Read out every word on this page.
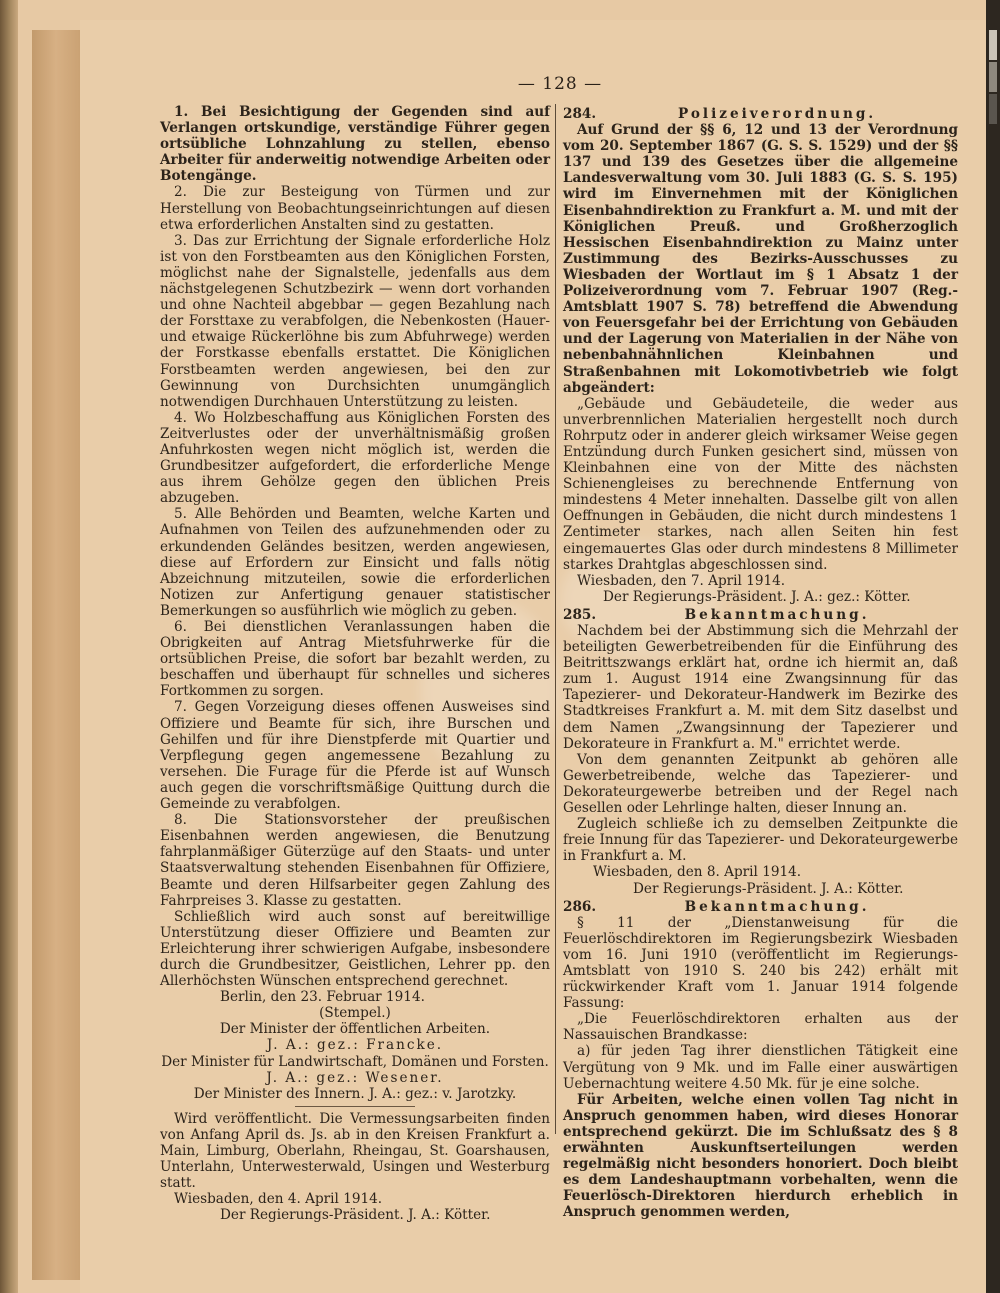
— 128 —

1. Bei Besichtigung der Gegenden sind auf Verlangen ortskundige, verständige Führer gegen ortsübliche Lohnzahlung zu stellen, ebenso Arbeiter für anderweitig notwendige Arbeiten oder Botengänge.

2. Die zur Besteigung von Türmen und zur Herstellung von Beobachtungseinrichtungen auf diesen etwa erforderlichen Anstalten sind zu gestatten.

3. Das zur Errichtung der Signale erforderliche Holz ist von den Forstbeamten aus den Königlichen Forsten, möglichst nahe der Signalstelle, jedenfalls aus dem nächstgelegenen Schutzbezirk — wenn dort vorhanden und ohne Nachteil abgebbar — gegen Bezahlung nach der Forsttaxe zu verabfolgen, die Nebenkosten (Hauer- und etwaige Rückerlöhne bis zum Abfuhrwege) werden der Forstkasse ebenfalls erstattet. Die Königlichen Forstbeamten werden angewiesen, bei den zur Gewinnung von Durchsichten unumgänglich notwendigen Durchhauen Unterstützung zu leisten.

4. Wo Holzbeschaffung aus Königlichen Forsten des Zeitverlustes oder der unverhältnismäßig großen Anfuhrkosten wegen nicht möglich ist, werden die Grundbesitzer aufgefordert, die erforderliche Menge aus ihrem Gehölze gegen den üblichen Preis abzugeben.

5. Alle Behörden und Beamten, welche Karten und Aufnahmen von Teilen des aufzunehmenden oder zu erkundenden Geländes besitzen, werden angewiesen, diese auf Erfordern zur Einsicht und falls nötig Abzeichnung mitzuteilen, sowie die erforderlichen Notizen zur Anfertigung genauer statistischer Bemerkungen so ausführlich wie möglich zu geben.

6. Bei dienstlichen Veranlassungen haben die Obrigkeiten auf Antrag Mietsfuhrwerke für die ortsüblichen Preise, die sofort bar bezahlt werden, zu beschaffen und überhaupt für schnelles und sicheres Fortkommen zu sorgen.

7. Gegen Vorzeigung dieses offenen Ausweises sind Offiziere und Beamte für sich, ihre Burschen und Gehilfen und für ihre Dienstpferde mit Quartier und Verpflegung gegen angemessene Bezahlung zu versehen. Die Furage für die Pferde ist auf Wunsch auch gegen die vorschriftsmäßige Quittung durch die Gemeinde zu verabfolgen.

8. Die Stationsvorsteher der preußischen Eisenbahnen werden angewiesen, die Benutzung fahrplanmäßiger Güterzüge auf den Staats- und unter Staatsverwaltung stehenden Eisenbahnen für Offiziere, Beamte und deren Hilfsarbeiter gegen Zahlung des Fahrpreises 3. Klasse zu gestatten.

Schließlich wird auch sonst auf bereitwillige Unterstützung dieser Offiziere und Beamten zur Erleichterung ihrer schwierigen Aufgabe, insbesondere durch die Grundbesitzer, Geistlichen, Lehrer pp. den Allerhöchsten Wünschen entsprechend gerechnet.

Berlin, den 23. Februar 1914.

(Stempel.)

Der Minister der öffentlichen Arbeiten.

J. A.: gez.: Francke.

Der Minister für Landwirtschaft, Domänen und Forsten.

J. A.: gez.: Wesener.

Der Minister des Innern. J. A.: gez.: v. Jarotzky.

Wird veröffentlicht. Die Vermessungsarbeiten finden von Anfang April ds. Js. ab in den Kreisen Frankfurt a. Main, Limburg, Oberlahn, Rheingau, St. Goarshausen, Unterlahn, Unterwesterwald, Usingen und Westerburg statt.

Wiesbaden, den 4. April 1914.

Der Regierungs-Präsident. J. A.: Kötter.

284.	Polizeiverordnung.

Auf Grund der §§ 6, 12 und 13 der Verordnung vom 20. September 1867 (G. S. S. 1529) und der §§ 137 und 139 des Gesetzes über die allgemeine Landesverwaltung vom 30. Juli 1883 (G. S. S. 195) wird im Einvernehmen mit der Königlichen Eisenbahndirektion zu Frankfurt a. M. und mit der Königlichen Preuß. und Großherzoglich Hessischen Eisenbahndirektion zu Mainz unter Zustimmung des Bezirks-Ausschusses zu Wiesbaden der Wortlaut im § 1 Absatz 1 der Polizeiverordnung vom 7. Februar 1907 (Reg.-Amtsblatt 1907 S. 78) betreffend die Abwendung von Feuersgefahr bei der Errichtung von Gebäuden und der Lagerung von Materialien in der Nähe von nebenbahnähnlichen Kleinbahnen und Straßenbahnen mit Lokomotivbetrieb wie folgt abgeändert:

„Gebäude und Gebäudeteile, die weder aus unverbrennlichen Materialien hergestellt noch durch Rohrputz oder in anderer gleich wirksamer Weise gegen Entzündung durch Funken gesichert sind, müssen von Kleinbahnen eine von der Mitte des nächsten Schienengleises zu berechnende Entfernung von mindestens 4 Meter innehalten. Dasselbe gilt von allen Oeffnungen in Gebäuden, die nicht durch mindestens 1 Zentimeter starkes, nach allen Seiten hin fest eingemauertes Glas oder durch mindestens 8 Millimeter starkes Drahtglas abgeschlossen sind.

Wiesbaden, den 7. April 1914.

Der Regierungs-Präsident. J. A.: gez.: Kötter.

285.	Bekanntmachung.

Nachdem bei der Abstimmung sich die Mehrzahl der beteiligten Gewerbetreibenden für die Einführung des Beitrittszwangs erklärt hat, ordne ich hiermit an, daß zum 1. August 1914 eine Zwangsinnung für das Tapezierer- und Dekorateur-Handwerk im Bezirke des Stadtkreises Frankfurt a. M. mit dem Sitz daselbst und dem Namen „Zwangsinnung der Tapezierer und Dekorateure in Frankfurt a. M." errichtet werde.

Von dem genannten Zeitpunkt ab gehören alle Gewerbetreibende, welche das Tapezierer- und Dekorateurgewerbe betreiben und der Regel nach Gesellen oder Lehrlinge halten, dieser Innung an.

Zugleich schließe ich zu demselben Zeitpunkte die freie Innung für das Tapezierer- und Dekorateurgewerbe in Frankfurt a. M.

Wiesbaden, den 8. April 1914.

Der Regierungs-Präsident. J. A.: Kötter.

286.	Bekanntmachung.

§ 11 der „Dienstanweisung für die Feuerlöschdirektoren im Regierungsbezirk Wiesbaden vom 16. Juni 1910 (veröffentlicht im Regierungs-Amtsblatt von 1910 S. 240 bis 242) erhält mit rückwirkender Kraft vom 1. Januar 1914 folgende Fassung:

„Die Feuerlöschdirektoren erhalten aus der Nassauischen Brandkasse:

a) für jeden Tag ihrer dienstlichen Tätigkeit eine Vergütung von 9 Mk. und im Falle einer auswärtigen Uebernachtung weitere 4.50 Mk. für je eine solche.

Für Arbeiten, welche einen vollen Tag nicht in Anspruch genommen haben, wird dieses Honorar entsprechend gekürzt. Die im Schlußsatz des § 8 erwähnten Auskunftserteilungen werden regelmäßig nicht besonders honoriert. Doch bleibt es dem Landeshauptmann vorbehalten, wenn die Feuerlösch-Direktoren hierdurch erheblich in Anspruch genommen werden,
